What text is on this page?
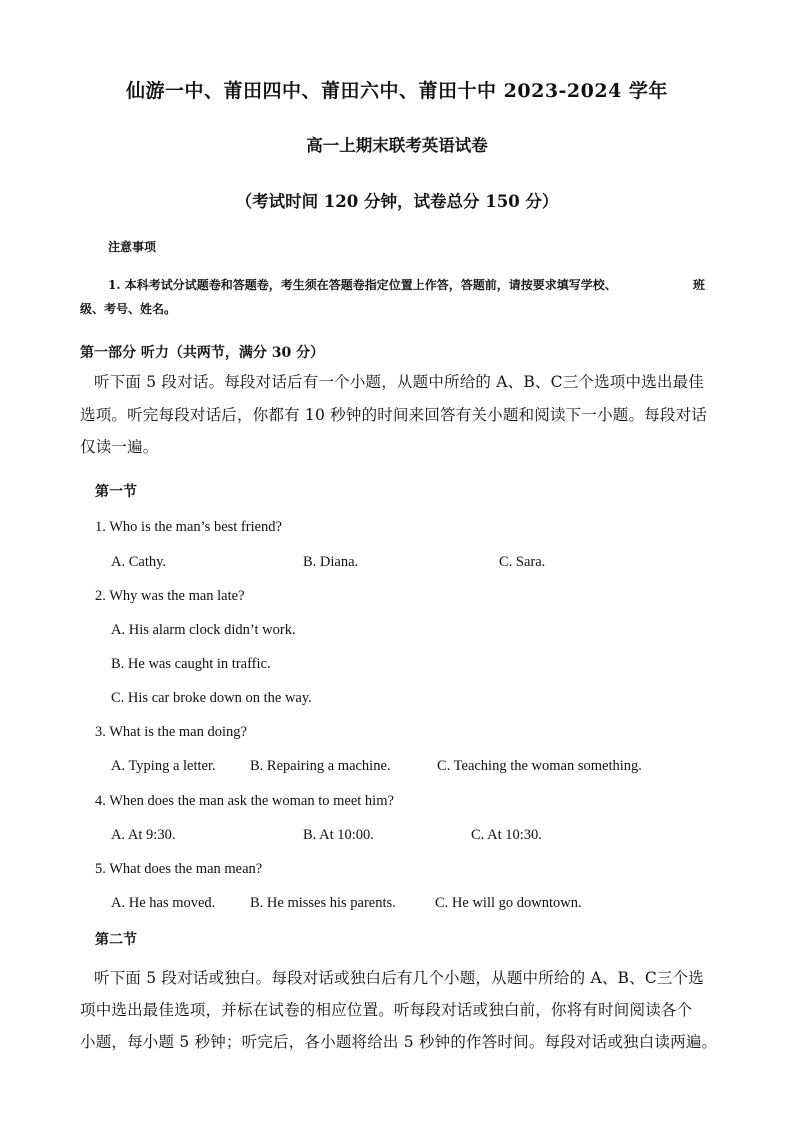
仙游一中、莆田四中、莆田六中、莆田十中 2023-2024 学年
高一上期末联考英语试卷
（考试时间 120 分钟，试卷总分 150 分）
注意事项
1. 本科考试分试题卷和答题卷，考生须在答题卷指定位置上作答，答题前，请按要求填写学校、	班
级、考号、姓名。
第一部分 听力（共两节，满分 30 分）
听下面 5 段对话。每段对话后有一个小题，从题中所给的 A、B、C三个选项中选出最佳
选项。听完每段对话后，你都有 10 秒钟的时间来回答有关小题和阅读下一小题。每段对话
仅读一遍。
第一节
1. Who is the man’s best friend?
A. Cathy.	B. Diana.	C. Sara.
2. Why was the man late?
A. His alarm clock didn’t work.
B. He was caught in traffic.
C. His car broke down on the way.
3. What is the man doing?
A. Typing a letter. B. Repairing a machine.	C. Teaching the woman something.
4. When does the man ask the woman to meet him?
A. At 9:30.	B. At 10:00.	C. At 10:30.
5. What does the man mean?
A. He has moved. B. He misses his parents.	C. He will go downtown.
第二节
听下面 5 段对话或独白。每段对话或独白后有几个小题，从题中所给的 A、B、C三个选
项中选出最佳选项，并标在试卷的相应位置。听每段对话或独白前，你将有时间阅读各个
小题，每小题 5 秒钟；听完后，各小题将给出 5 秒钟的作答时间。每段对话或独白读两遍。
